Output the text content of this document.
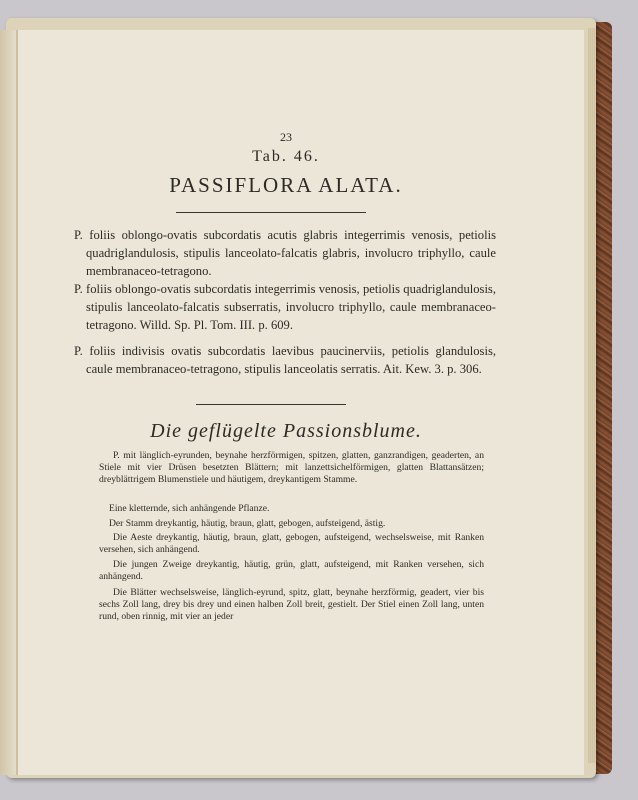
23
Tab. 46.
PASSIFLORA ALATA.
P. foliis oblongo-ovatis subcordatis acutis glabris integerrimis venosis, petiolis quadriglandulosis, stipulis lanceolato-falcatis glabris, involucro triphyllo, caule membranaceo-tetragono.
P. foliis oblongo-ovatis subcordatis integerrimis venosis, petiolis quadriglandulosis, stipulis lanceolato-falcatis subserratis, involucro triphyllo, caule membranaceo-tetragono. Willd. Sp. Pl. Tom. III. p. 609.
P. foliis indivisis ovatis subcordatis laevibus paucinerviis, petiolis glandulosis, caule membranaceo-tetragono, stipulis lanceolatis serratis. Ait. Kew. 3. p. 306.
Die geflügelte Passionsblume.
P. mit länglich-eyrunden, beynahe herzförmigen, spitzen, glatten, ganzrandigen, geaderten, an Stiele mit vier Drüsen besetzten Blättern; mit lanzettsichelförmigen, glatten Blattansätzen; dreyblättrigem Blumenstiele und häutigem, dreykantigem Stamme.
Eine kletternde, sich anhängende Pflanze.
Der Stamm dreykantig, häutig, braun, glatt, gebogen, aufsteigend, ästig.
Die Aeste dreykantig, häutig, braun, glatt, gebogen, aufsteigend, wechselsweise, mit Ranken versehen, sich anhängend.
Die jungen Zweige dreykantig, häutig, grün, glatt, aufsteigend, mit Ranken versehen, sich anhängend.
Die Blätter wechselsweise, länglich-eyrund, spitz, glatt, beynahe herzförmig, geadert, vier bis sechs Zoll lang, drey bis drey und einen halben Zoll breit, gestielt. Der Stiel einen Zoll lang, unten rund, oben rinnig, mit vier an jeder
